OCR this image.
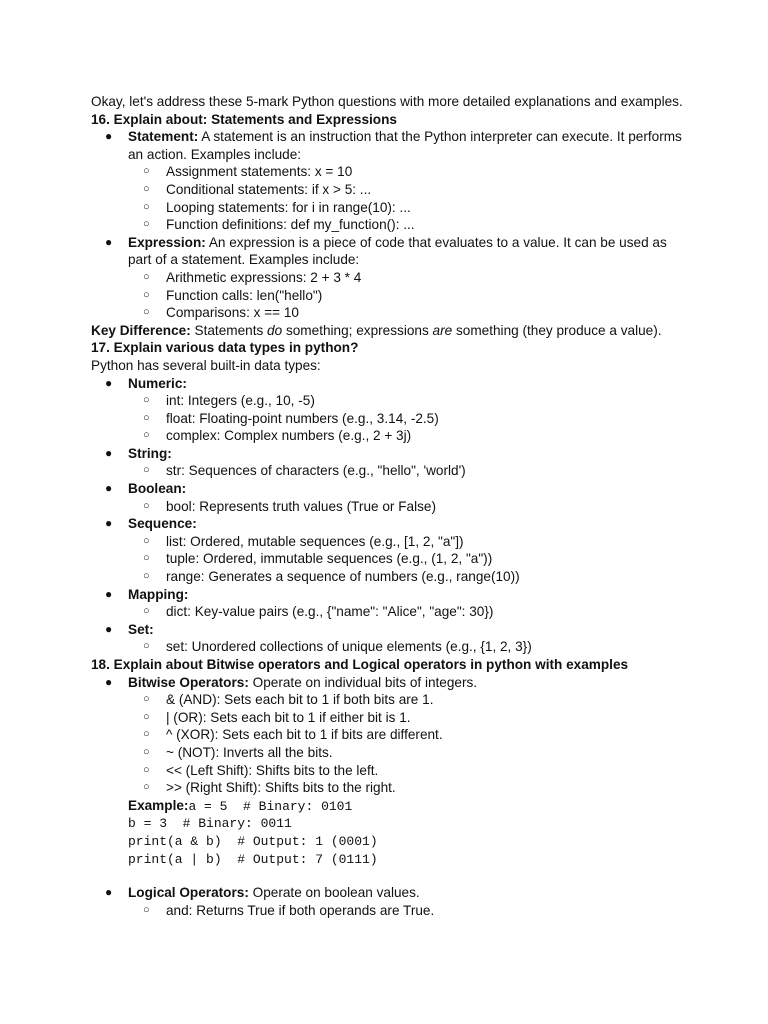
Okay, let's address these 5-mark Python questions with more detailed explanations and examples.

16. Explain about: Statements and Expressions

● Statement: A statement is an instruction that the Python interpreter can execute. It performs an action. Examples include:
○ Assignment statements: x = 10
○ Conditional statements: if x > 5: ...
○ Looping statements: for i in range(10): ...
○ Function definitions: def my_function(): ...
● Expression: An expression is a piece of code that evaluates to a value. It can be used as part of a statement. Examples include:
○ Arithmetic expressions: 2 + 3 * 4
○ Function calls: len("hello")
○ Comparisons: x == 10

Key Difference: Statements do something; expressions are something (they produce a value).

17. Explain various data types in python?

Python has several built-in data types:

● Numeric:
○ int: Integers (e.g., 10, -5)
○ float: Floating-point numbers (e.g., 3.14, -2.5)
○ complex: Complex numbers (e.g., 2 + 3j)
● String:
○ str: Sequences of characters (e.g., "hello", 'world')
● Boolean:
○ bool: Represents truth values (True or False)
● Sequence:
○ list: Ordered, mutable sequences (e.g., [1, 2, "a"])
○ tuple: Ordered, immutable sequences (e.g., (1, 2, "a"))
○ range: Generates a sequence of numbers (e.g., range(10))
● Mapping:
○ dict: Key-value pairs (e.g., {"name": "Alice", "age": 30})
● Set:
○ set: Unordered collections of unique elements (e.g., {1, 2, 3})

18. Explain about Bitwise operators and Logical operators in python with examples

● Bitwise Operators: Operate on individual bits of integers.
○ & (AND): Sets each bit to 1 if both bits are 1.
○ | (OR): Sets each bit to 1 if either bit is 1.
○ ^ (XOR): Sets each bit to 1 if bits are different.
○ ~ (NOT): Inverts all the bits.
○ << (Left Shift): Shifts bits to the left.
○ >> (Right Shift): Shifts bits to the right.
Example:a = 5  # Binary: 0101
b = 3  # Binary: 0011
print(a & b)  # Output: 1 (0001)
print(a | b)  # Output: 7 (0111)
● Logical Operators: Operate on boolean values.
○ and: Returns True if both operands are True.
